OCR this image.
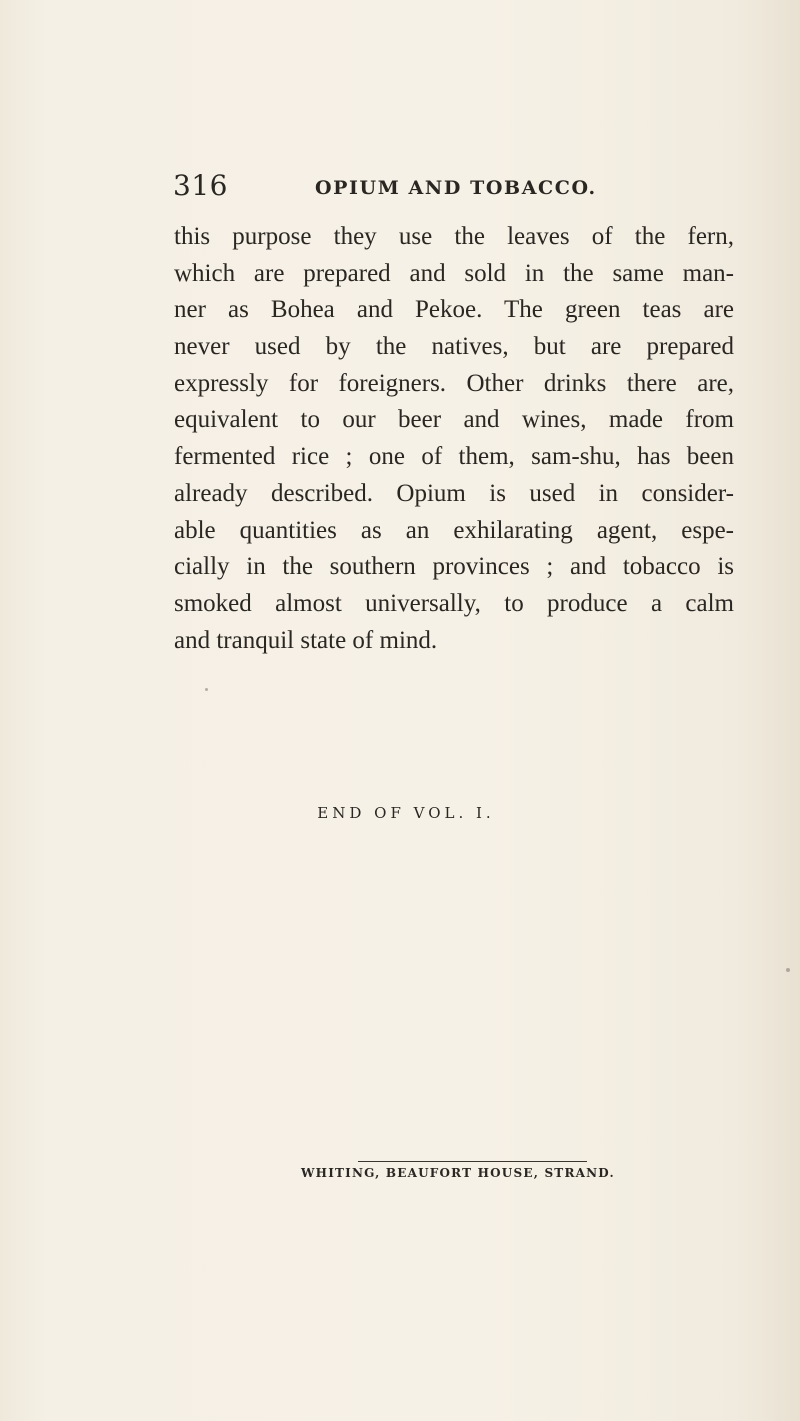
316	OPIUM AND TOBACCO.
this purpose they use the leaves of the fern,
which are prepared and sold in the same man-
ner as Bohea and Pekoe. The green teas are
never used by the natives, but are prepared
expressly for foreigners. Other drinks there are,
equivalent to our beer and wines, made from
fermented rice ; one of them, sam-shu, has been
already described. Opium is used in consider-
able quantities as an exhilarating agent, espe-
cially in the southern provinces ; and tobacco is
smoked almost universally, to produce a calm
and tranquil state of mind.
END OF VOL. I.
WHITING, BEAUFORT HOUSE, STRAND.
